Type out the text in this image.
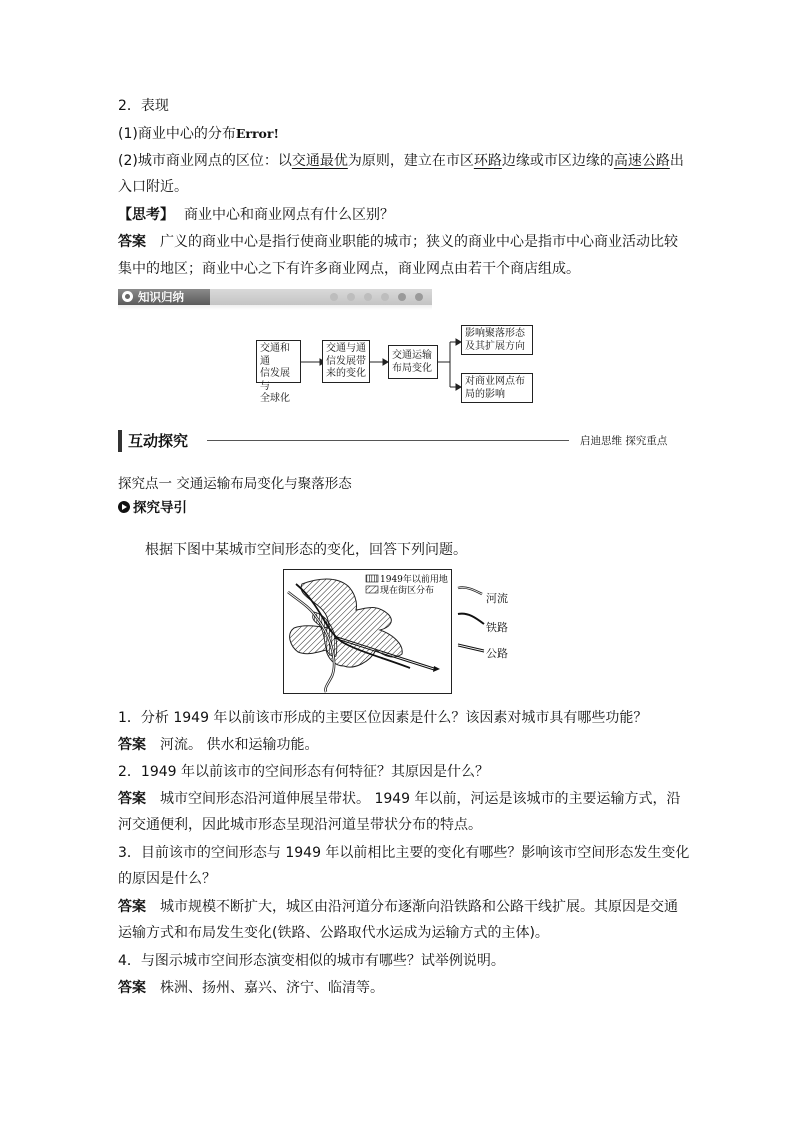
2．表现
(1)商业中心的分布Error!
(2)城市商业网点的区位：以交通最优为原则，建立在市区环路边缘或市区边缘的高速公路出
入口附近。
【思考】 商业中心和商业网点有什么区别？
答案 广义的商业中心是指行使商业职能的城市；狭义的商业中心是指市中心商业活动比较
集中的地区；商业中心之下有许多商业网点，商业网点由若干个商店组成。
知识归纳
交通和通
信发展与
全球化
交通与通
信发展带
来的变化
交通运输
布局变化
影响聚落形态
及其扩展方向
对商业网点布
局的影响
互动探究	启迪思维 探究重点
探究点一 交通运输布局变化与聚落形态
探究导引
根据下图中某城市空间形态的变化，回答下列问题。
1949年以前用地
现在街区分布
河流
铁路
公路
1．分析 1949 年以前该市形成的主要区位因素是什么？该因素对城市具有哪些功能？
答案 河流。 供水和运输功能。
2．1949 年以前该市的空间形态有何特征？其原因是什么？
答案 城市空间形态沿河道伸展呈带状。 1949 年以前，河运是该城市的主要运输方式，沿
河交通便利，因此城市形态呈现沿河道呈带状分布的特点。
3．目前该市的空间形态与 1949 年以前相比主要的变化有哪些？影响该市空间形态发生变化
的原因是什么？
答案 城市规模不断扩大，城区由沿河道分布逐渐向沿铁路和公路干线扩展。其原因是交通
运输方式和布局发生变化(铁路、公路取代水运成为运输方式的主体)。
4．与图示城市空间形态演变相似的城市有哪些？试举例说明。
答案 株洲、扬州、嘉兴、济宁、临清等。
